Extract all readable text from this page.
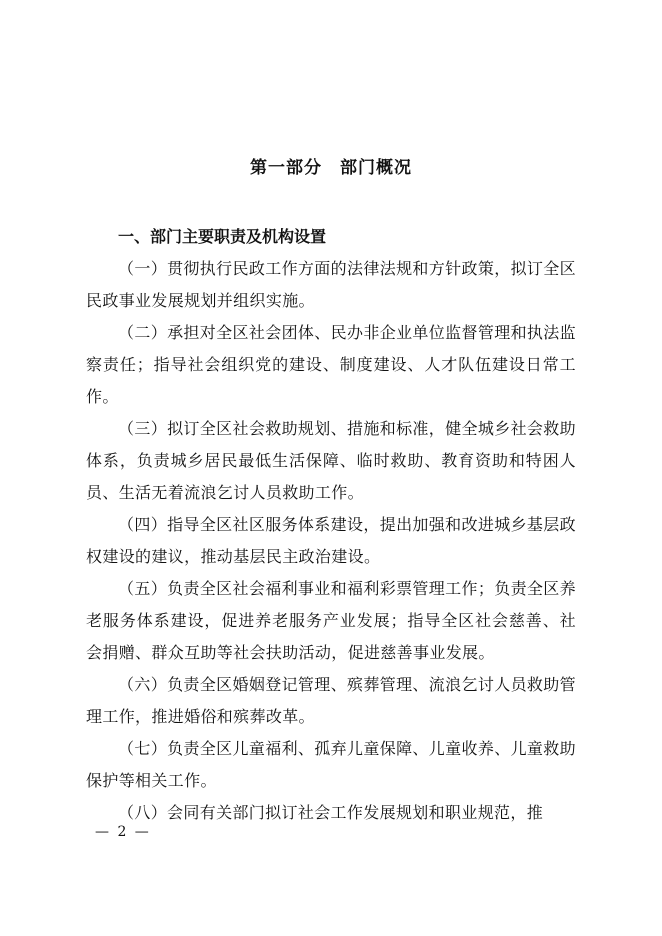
第一部分　部门概况

一、部门主要职责及机构设置

（一）贯彻执行民政工作方面的法律法规和方针政策，拟订全区民政事业发展规划并组织实施。

（二）承担对全区社会团体、民办非企业单位监督管理和执法监察责任；指导社会组织党的建设、制度建设、人才队伍建设日常工作。

（三）拟订全区社会救助规划、措施和标准，健全城乡社会救助体系，负责城乡居民最低生活保障、临时救助、教育资助和特困人员、生活无着流浪乞讨人员救助工作。

（四）指导全区社区服务体系建设，提出加强和改进城乡基层政权建设的建议，推动基层民主政治建设。

（五）负责全区社会福利事业和福利彩票管理工作；负责全区养老服务体系建设，促进养老服务产业发展；指导全区社会慈善、社会捐赠、群众互助等社会扶助活动，促进慈善事业发展。

（六）负责全区婚姻登记管理、殡葬管理、流浪乞讨人员救助管理工作，推进婚俗和殡葬改革。

（七）负责全区儿童福利、孤弃儿童保障、儿童收养、儿童救助保护等相关工作。

（八）会同有关部门拟订社会工作发展规划和职业规范，推

— 2 —
